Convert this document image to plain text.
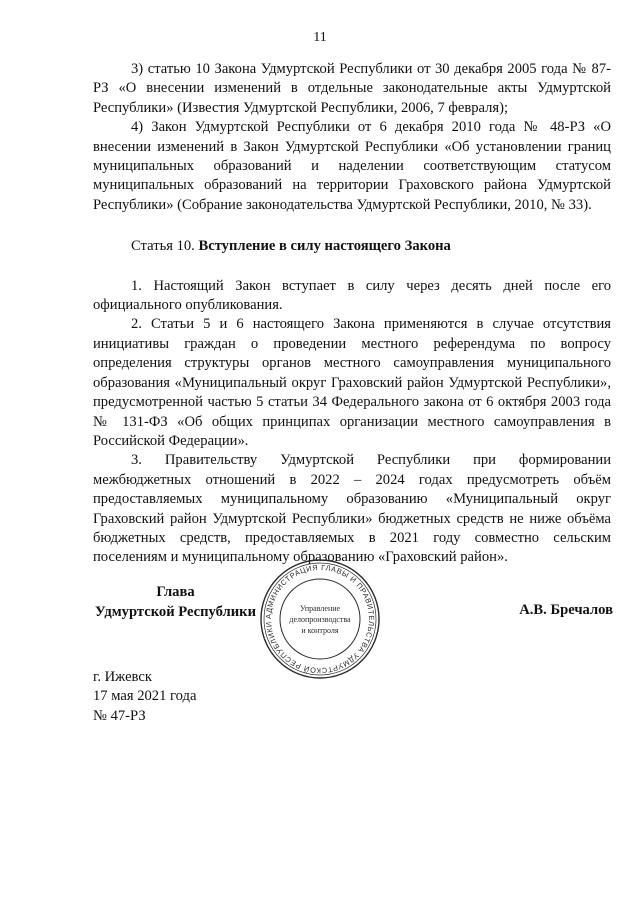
11

3) статью 10 Закона Удмуртской Республики от 30 декабря 2005 года № 87-РЗ «О внесении изменений в отдельные законодательные акты Удмуртской Республики» (Известия Удмуртской Республики, 2006, 7 февраля);

4) Закон Удмуртской Республики от 6 декабря 2010 года № 48-РЗ «О внесении изменений в Закон Удмуртской Республики «Об установлении границ муниципальных образований и наделении соответствующим статусом муниципальных образований на территории Граховского района Удмуртской Республики» (Собрание законодательства Удмуртской Республики, 2010, № 33).

Статья 10. Вступление в силу настоящего Закона

1. Настоящий Закон вступает в силу через десять дней после его официального опубликования.

2. Статьи 5 и 6 настоящего Закона применяются в случае отсутствия инициативы граждан о проведении местного референдума по вопросу определения структуры органов местного самоуправления муниципального образования «Муниципальный округ Граховский район Удмуртской Республики», предусмотренной частью 5 статьи 34 Федерального закона от 6 октября 2003 года № 131-ФЗ «Об общих принципах организации местного самоуправления в Российской Федерации».

3. Правительству Удмуртской Республики при формировании межбюджетных отношений в 2022 – 2024 годах предусмотреть объём предоставляемых муниципальному образованию «Муниципальный округ Граховский район Удмуртской Республики» бюджетных средств не ниже объёма бюджетных средств, предоставляемых в 2021 году совместно сельским поселениям и муниципальному образованию «Граховский район».

Глава
Удмуртской Республики АДМИНИСТРАЦИЯ ГЛАВЫ И ПРАВИТЕЛЬСТВА УДМУРТСКОЙ РЕСПУБЛИКИ
Управление
делопроизводства
и контроля
А.В. Бречалов
г. Ижевск
17 мая 2021 года
№ 47-РЗ
